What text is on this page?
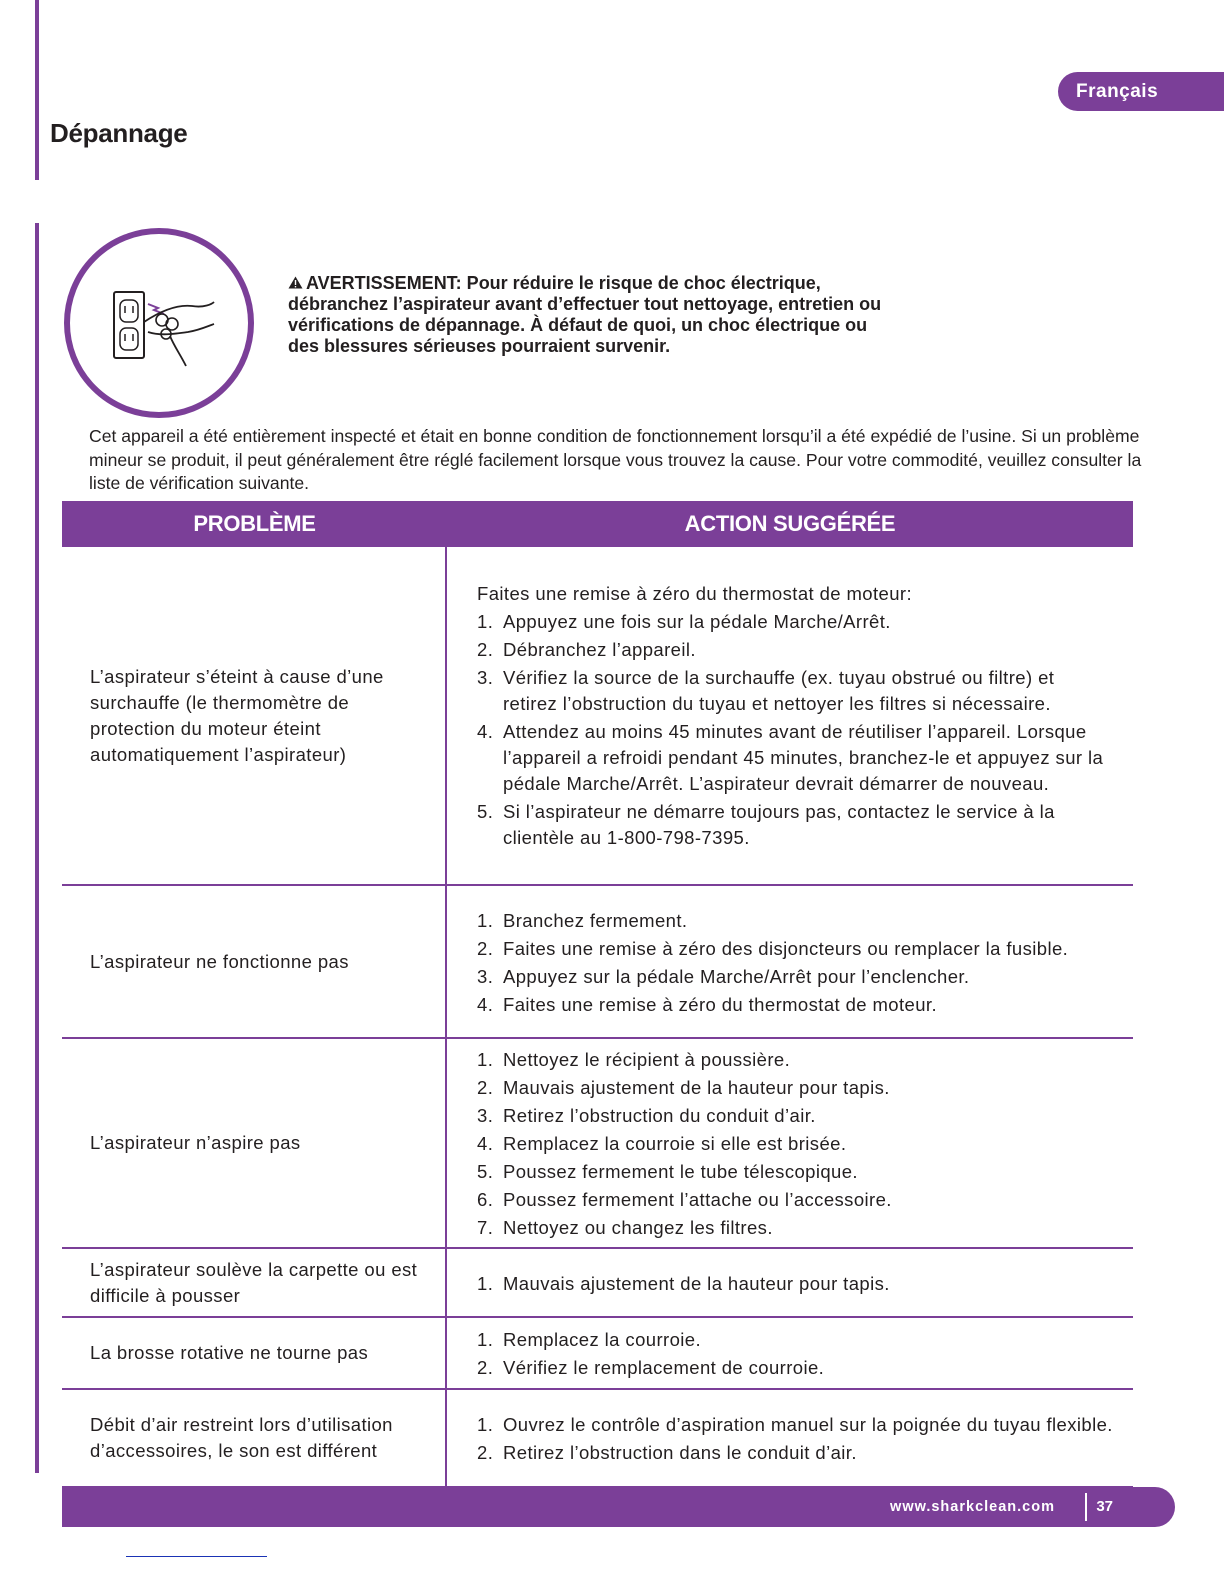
Français
Dépannage
AVERTISSEMENT: Pour réduire le risque de choc électrique,
débranchez l’aspirateur avant d’effectuer tout nettoyage, entretien ou
vérifications de dépannage. À défaut de quoi, un choc électrique ou
des blessures sérieuses pourraient survenir.

Cet appareil a été entièrement inspecté et était en bonne condition de fonctionnement lorsqu’il a été expédié de l’usine. Si un problème mineur se produit, il peut généralement être réglé facilement lorsque vous trouvez la cause. Pour votre commodité, veuillez consulter la liste de vérification suivante.

PROBLÈME	ACTION SUGGÉRÉE
L’aspirateur s’éteint à cause d’une surchauffe (le thermomètre de protection du moteur éteint automatiquement l’aspirateur)

Faites une remise à zéro du thermostat de moteur:

1. Appuyez une fois sur la pédale Marche/Arrêt.
2. Débranchez l’appareil.
3. Vérifiez la source de la surchauffe (ex. tuyau obstrué ou filtre) et retirez l’obstruction du tuyau et nettoyer les filtres si nécessaire.
4. Attendez au moins 45 minutes avant de réutiliser l’appareil. Lorsque l’appareil a refroidi pendant 45 minutes, branchez-le et appuyez sur la pédale Marche/Arrêt. L’aspirateur devrait démarrer de nouveau.
5. Si l’aspirateur ne démarre toujours pas, contactez le service à la clientèle au 1-800-798-7395.
L’aspirateur ne fonctionne pas
1. Branchez fermement.
2. Faites une remise à zéro des disjoncteurs ou remplacer la fusible.
3. Appuyez sur la pédale Marche/Arrêt pour l’enclencher.
4. Faites une remise à zéro du thermostat de moteur.
L’aspirateur n’aspire pas
1. Nettoyez le récipient à poussière.
2. Mauvais ajustement de la hauteur pour tapis.
3. Retirez l’obstruction du conduit d’air.
4. Remplacez la courroie si elle est brisée.
5. Poussez fermement le tube télescopique.
6. Poussez fermement l’attache ou l’accessoire.
7. Nettoyez ou changez les filtres.
L’aspirateur soulève la carpette ou est difficile à pousser
1. Mauvais ajustement de la hauteur pour tapis.
La brosse rotative ne tourne pas
1. Remplacez la courroie.
2. Vérifiez le remplacement de courroie.
Débit d’air restreint lors d’utilisation d’accessoires, le son est différent
1. Ouvrez le contrôle d’aspiration manuel sur la poignée du tuyau flexible.
2. Retirez l’obstruction dans le conduit d’air.
www.sharkclean.com	37
